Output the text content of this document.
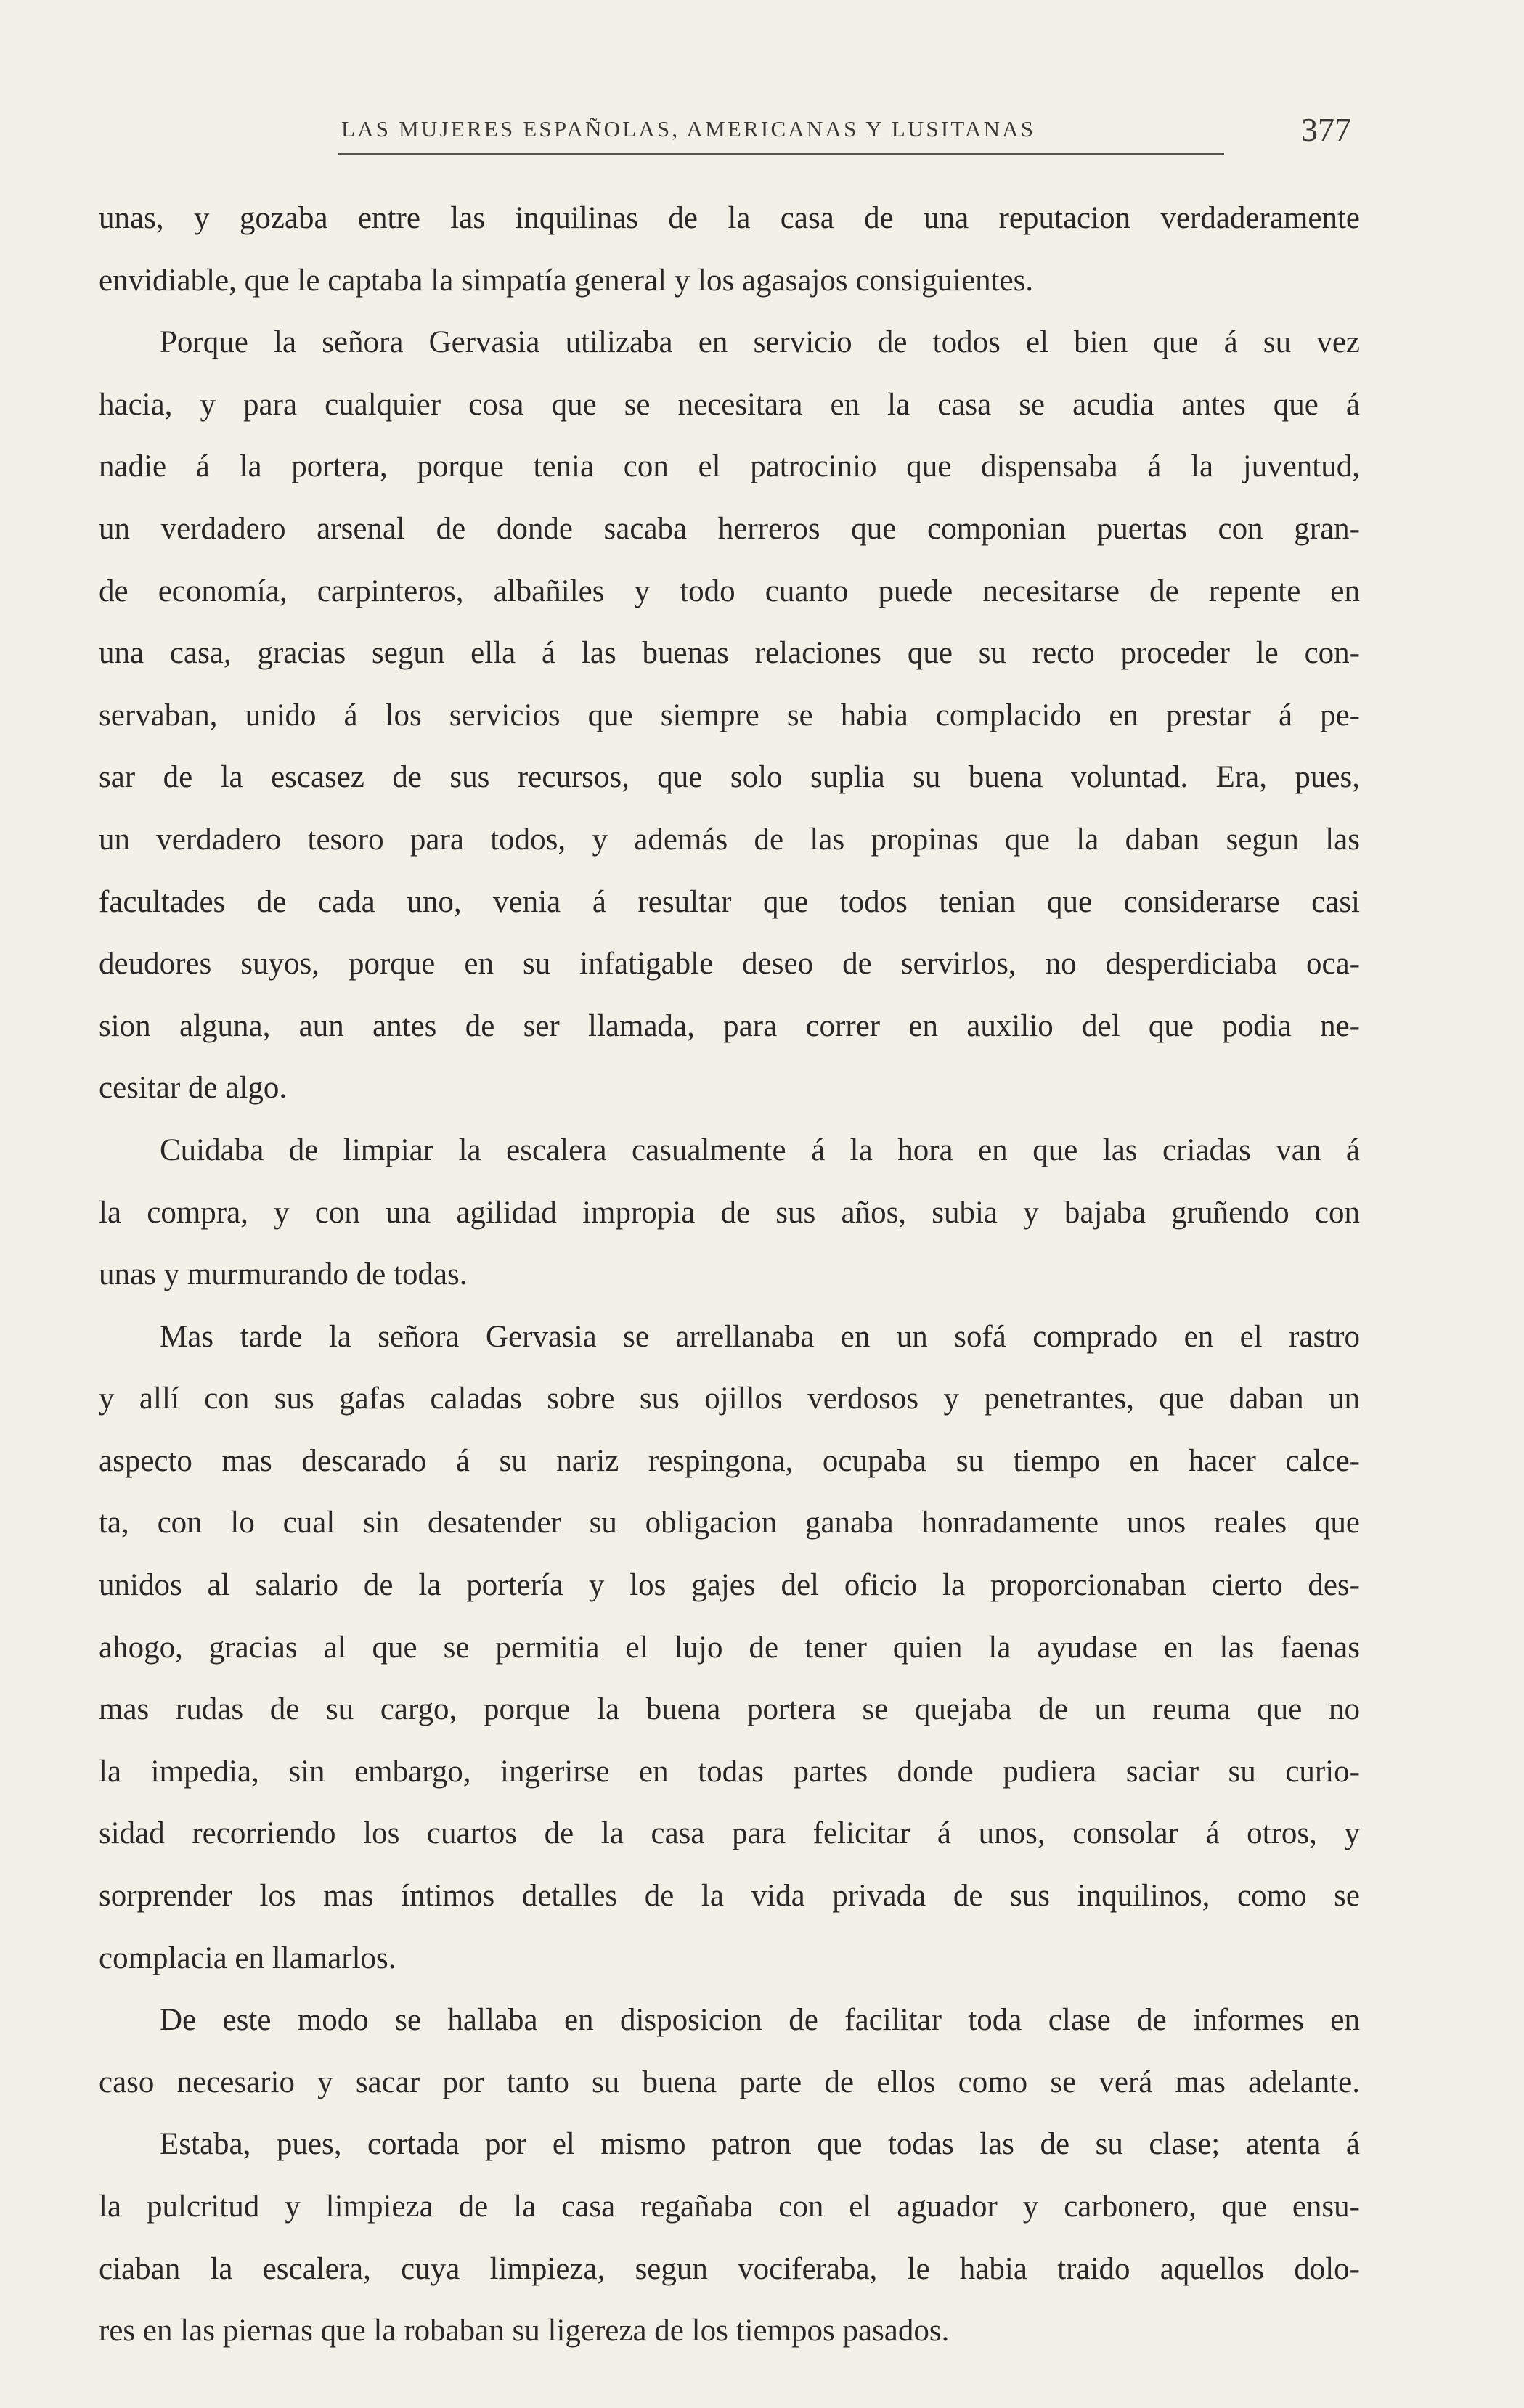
LAS MUJERES ESPAÑOLAS, AMERICANAS Y LUSITANAS	377
unas, y gozaba entre las inquilinas de la casa de una reputacion verdaderamente
envidiable, que le captaba la simpatía general y los agasajos consiguientes.
Porque la señora Gervasia utilizaba en servicio de todos el bien que á su vez
hacia, y para cualquier cosa que se necesitara en la casa se acudia antes que á
nadie á la portera, porque tenia con el patrocinio que dispensaba á la juventud,
un verdadero arsenal de donde sacaba herreros que componian puertas con gran-
de economía, carpinteros, albañiles y todo cuanto puede necesitarse de repente en
una casa, gracias segun ella á las buenas relaciones que su recto proceder le con-
servaban, unido á los servicios que siempre se habia complacido en prestar á pe-
sar de la escasez de sus recursos, que solo suplia su buena voluntad. Era, pues,
un verdadero tesoro para todos, y además de las propinas que la daban segun las
facultades de cada uno, venia á resultar que todos tenian que considerarse casi
deudores suyos, porque en su infatigable deseo de servirlos, no desperdiciaba oca-
sion alguna, aun antes de ser llamada, para correr en auxilio del que podia ne-
cesitar de algo.
Cuidaba de limpiar la escalera casualmente á la hora en que las criadas van á
la compra, y con una agilidad impropia de sus años, subia y bajaba gruñendo con
unas y murmurando de todas.
Mas tarde la señora Gervasia se arrellanaba en un sofá comprado en el rastro
y allí con sus gafas caladas sobre sus ojillos verdosos y penetrantes, que daban un
aspecto mas descarado á su nariz respingona, ocupaba su tiempo en hacer calce-
ta, con lo cual sin desatender su obligacion ganaba honradamente unos reales que
unidos al salario de la portería y los gajes del oficio la proporcionaban cierto des-
ahogo, gracias al que se permitia el lujo de tener quien la ayudase en las faenas
mas rudas de su cargo, porque la buena portera se quejaba de un reuma que no
la impedia, sin embargo, ingerirse en todas partes donde pudiera saciar su curio-
sidad recorriendo los cuartos de la casa para felicitar á unos, consolar á otros, y
sorprender los mas íntimos detalles de la vida privada de sus inquilinos, como se
complacia en llamarlos.
De este modo se hallaba en disposicion de facilitar toda clase de informes en
caso necesario y sacar por tanto su buena parte de ellos como se verá mas adelante.
Estaba, pues, cortada por el mismo patron que todas las de su clase; atenta á
la pulcritud y limpieza de la casa regañaba con el aguador y carbonero, que ensu-
ciaban la escalera, cuya limpieza, segun vociferaba, le habia traido aquellos dolo-
res en las piernas que la robaban su ligereza de los tiempos pasados.
